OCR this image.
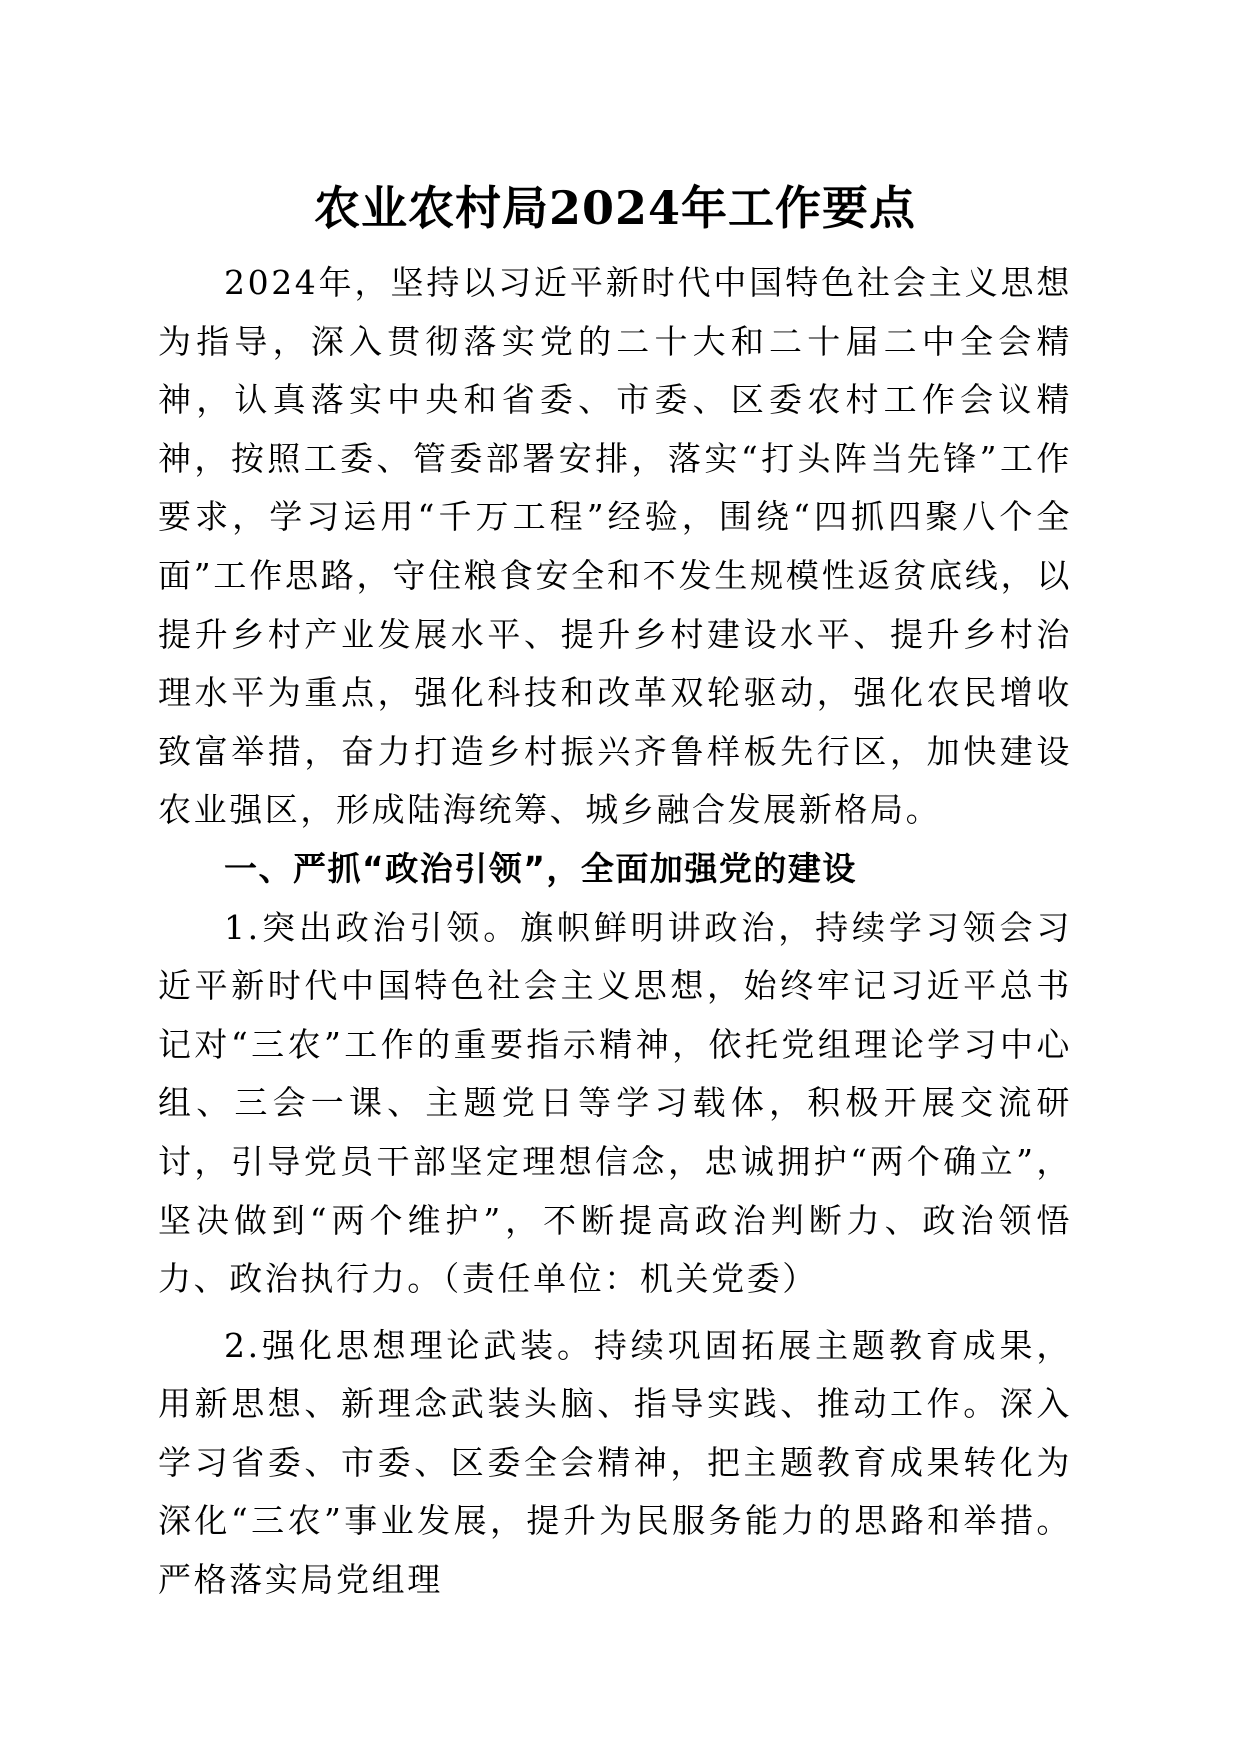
农业农村局2024年工作要点

2024年，坚持以习近平新时代中国特色社会主义思想为指导，深入贯彻落实党的二十大和二十届二中全会精神，认真落实中央和省委、市委、区委农村工作会议精神，按照工委、管委部署安排，落实“打头阵当先锋”工作要求，学习运用“千万工程”经验，围绕“四抓四聚八个全面”工作思路，守住粮食安全和不发生规模性返贫底线，以提升乡村产业发展水平、提升乡村建设水平、提升乡村治理水平为重点，强化科技和改革双轮驱动，强化农民增收致富举措，奋力打造乡村振兴齐鲁样板先行区，加快建设农业强区，形成陆海统筹、城乡融合发展新格局。

一、严抓“政治引领”，全面加强党的建设

1.突出政治引领。旗帜鲜明讲政治，持续学习领会习近平新时代中国特色社会主义思想，始终牢记习近平总书记对“三农”工作的重要指示精神，依托党组理论学习中心组、三会一课、主题党日等学习载体，积极开展交流研讨，引导党员干部坚定理想信念，忠诚拥护“两个确立”，坚决做到“两个维护”，不断提高政治判断力、政治领悟力、政治执行力。（责任单位：机关党委）

2.强化思想理论武装。持续巩固拓展主题教育成果，用新思想、新理念武装头脑、指导实践、推动工作。深入学习省委、市委、区委全会精神，把主题教育成果转化为深化“三农”事业发展，提升为民服务能力的思路和举措。严格落实局党组理
